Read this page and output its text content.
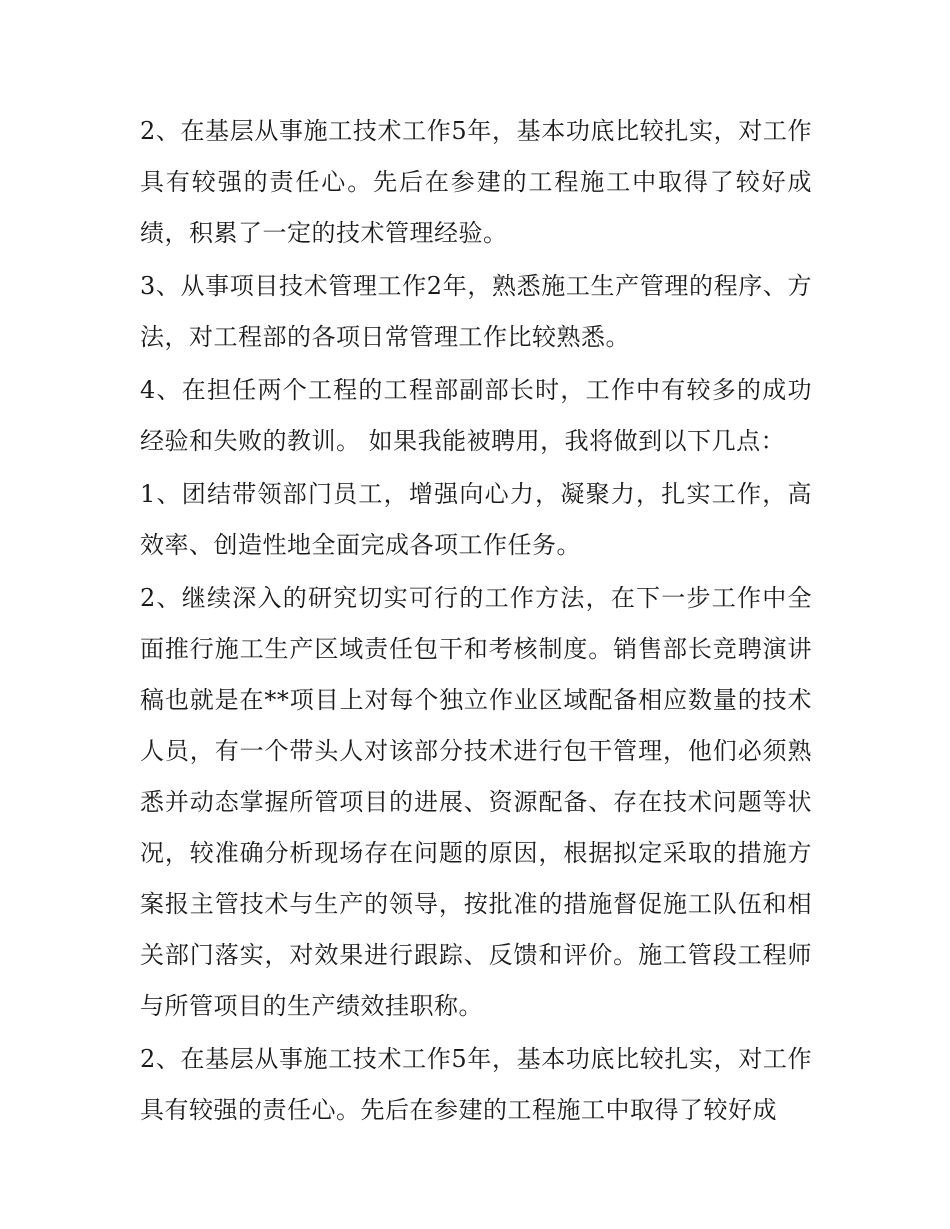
2、在基层从事施工技术工作5年，基本功底比较扎实，对工作具有较强的责任心。先后在参建的工程施工中取得了较好成绩，积累了一定的技术管理经验。

3、从事项目技术管理工作2年，熟悉施工生产管理的程序、方法，对工程部的各项日常管理工作比较熟悉。

4、在担任两个工程的工程部副部长时，工作中有较多的成功经验和失败的教训。 如果我能被聘用，我将做到以下几点：

1、团结带领部门员工，增强向心力，凝聚力，扎实工作，高效率、创造性地全面完成各项工作任务。

2、继续深入的研究切实可行的工作方法，在下一步工作中全面推行施工生产区域责任包干和考核制度。销售部长竞聘演讲稿也就是在**项目上对每个独立作业区域配备相应数量的技术人员，有一个带头人对该部分技术进行包干管理，他们必须熟悉并动态掌握所管项目的进展、资源配备、存在技术问题等状况，较准确分析现场存在问题的原因，根据拟定采取的措施方案报主管技术与生产的领导，按批准的措施督促施工队伍和相关部门落实，对效果进行跟踪、反馈和评价。施工管段工程师与所管项目的生产绩效挂职称。

2、在基层从事施工技术工作5年，基本功底比较扎实，对工作具有较强的责任心。先后在参建的工程施工中取得了较好成
